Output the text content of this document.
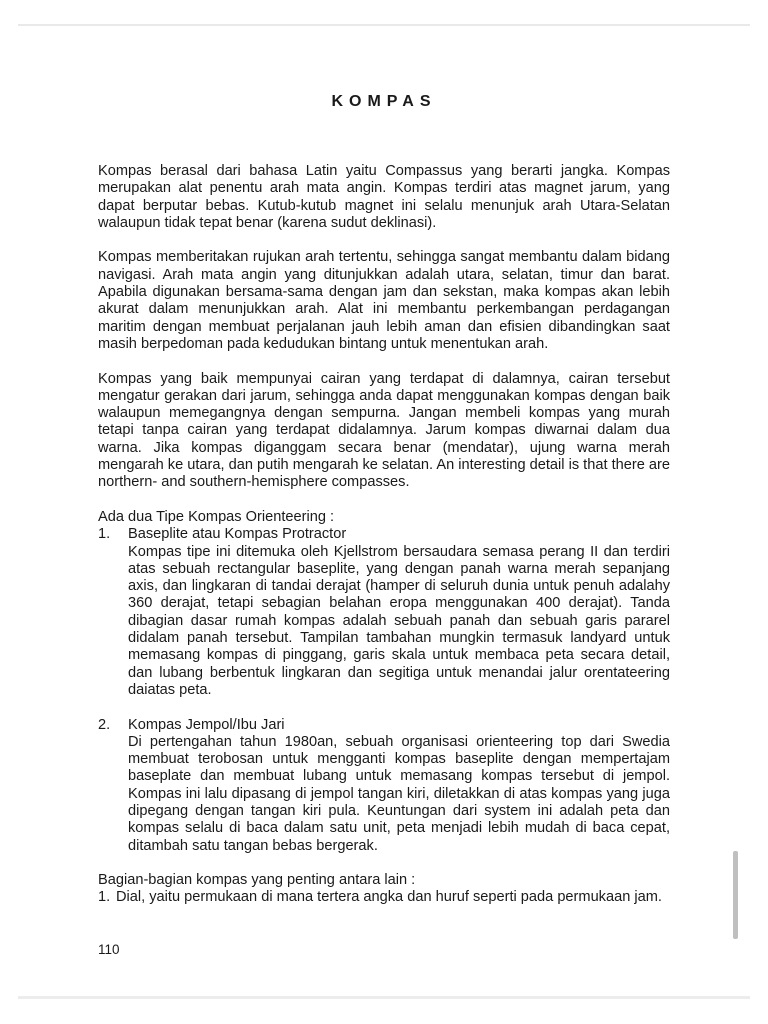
KOMPAS

Kompas berasal dari bahasa Latin yaitu Compassus yang berarti jangka. Kompas merupakan alat penentu arah mata angin. Kompas terdiri atas magnet jarum, yang dapat berputar bebas. Kutub-kutub magnet ini selalu menunjuk arah Utara-Selatan walaupun tidak tepat benar (karena sudut deklinasi).

Kompas memberitakan rujukan arah tertentu, sehingga sangat membantu dalam bidang navigasi. Arah mata angin yang ditunjukkan adalah utara, selatan, timur dan barat. Apabila digunakan bersama-sama dengan jam dan sekstan, maka kompas akan lebih akurat dalam menunjukkan arah. Alat ini membantu perkembangan perdagangan maritim dengan membuat perjalanan jauh lebih aman dan efisien dibandingkan saat masih berpedoman pada kedudukan bintang untuk menentukan arah.

Kompas yang baik mempunyai cairan yang terdapat di dalamnya, cairan tersebut mengatur gerakan dari jarum, sehingga anda dapat menggunakan kompas dengan baik walaupun memegangnya dengan sempurna. Jangan membeli kompas yang murah tetapi tanpa cairan yang terdapat didalamnya. Jarum kompas diwarnai dalam dua warna. Jika kompas diganggam secara benar (mendatar), ujung warna merah mengarah ke utara, dan putih mengarah ke selatan. An interesting detail is that there are northern- and southern-hemisphere compasses.

Ada dua Tipe Kompas Orienteering :

1.	Baseplite atau Kompas Protractor

Kompas tipe ini ditemuka oleh Kjellstrom bersaudara semasa perang II dan terdiri atas sebuah rectangular baseplite, yang dengan panah warna merah sepanjang axis, dan lingkaran di tandai derajat (hamper di seluruh dunia untuk penuh adalahy 360 derajat, tetapi sebagian belahan eropa menggunakan 400 derajat). Tanda dibagian dasar rumah kompas adalah sebuah panah dan sebuah garis pararel didalam panah tersebut. Tampilan tambahan mungkin termasuk landyard untuk memasang kompas di pinggang, garis skala untuk membaca peta secara detail, dan lubang berbentuk lingkaran dan segitiga untuk menandai jalur orentateering daiatas peta.

2.	Kompas Jempol/Ibu Jari

Di pertengahan tahun 1980an, sebuah organisasi orienteering top dari Swedia membuat terobosan untuk mengganti kompas baseplite dengan mempertajam baseplate dan membuat lubang untuk memasang kompas tersebut di jempol. Kompas ini lalu dipasang di jempol tangan kiri, diletakkan di atas kompas yang juga dipegang dengan tangan kiri pula. Keuntungan dari system ini adalah peta dan kompas selalu di baca dalam satu unit, peta menjadi lebih mudah di baca cepat, ditambah satu tangan bebas bergerak.

Bagian-bagian kompas yang penting antara lain :

1. Dial, yaitu permukaan di mana tertera angka dan huruf seperti pada permukaan jam.
110
